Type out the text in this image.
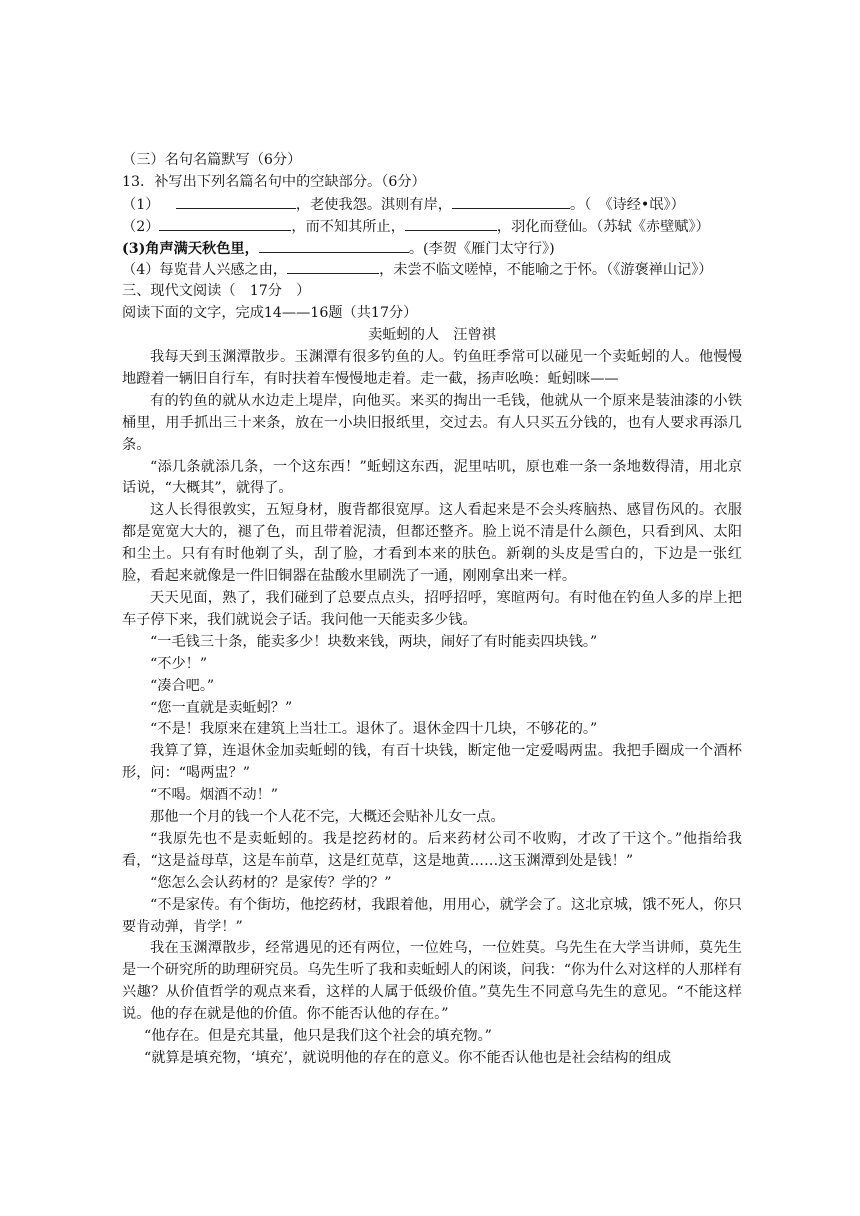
（三）名句名篇默写（6分）
13．补写出下列名篇名句中的空缺部分。（6分）
（1）	，老使我怨。淇则有岸，	。（　《诗经•氓》）
（2）	，而不知其所止，	，羽化而登仙。（苏轼《赤壁赋》）
(3)角声满天秋色里，	。(李贺《雁门太守行》)
（4）每览昔人兴感之由，	，未尝不临文嗟悼，不能喻之于怀。（《游褒禅山记》）
三、现代文阅读（　17分　）
阅读下面的文字，完成14——16题（共17分）
卖蚯蚓的人　汪曾祺

我每天到玉渊潭散步。玉渊潭有很多钓鱼的人。钓鱼旺季常可以碰见一个卖蚯蚓的人。他慢慢地蹬着一辆旧自行车，有时扶着车慢慢地走着。走一截，扬声吆唤：蚯蚓咪——

有的钓鱼的就从水边走上堤岸，向他买。来买的掏出一毛钱，他就从一个原来是装油漆的小铁桶里，用手抓出三十来条，放在一小块旧报纸里，交过去。有人只买五分钱的，也有人要求再添几条。

“添几条就添几条，一个这东西！”蚯蚓这东西，泥里咕叽，原也难一条一条地数得清，用北京话说，“大概其”，就得了。

这人长得很敦实，五短身材，腹背都很宽厚。这人看起来是不会头疼脑热、感冒伤风的。衣服都是宽宽大大的，褪了色，而且带着泥渍，但都还整齐。脸上说不清是什么颜色，只看到风、太阳和尘土。只有有时他剃了头，刮了脸，才看到本来的肤色。新剃的头皮是雪白的，下边是一张红脸，看起来就像是一件旧铜器在盐酸水里刷洗了一通，刚刚拿出来一样。

天天见面，熟了，我们碰到了总要点点头，招呼招呼，寒暄两句。有时他在钓鱼人多的岸上把车子停下来，我们就说会子话。我问他一天能卖多少钱。

“一毛钱三十条，能卖多少！块数来钱，两块，闹好了有时能卖四块钱。”

“不少！”

“凑合吧。”

“您一直就是卖蚯蚓？”

“不是！我原来在建筑上当壮工。退休了。退休金四十几块，不够花的。”

我算了算，连退休金加卖蚯蚓的钱，有百十块钱，断定他一定爱喝两盅。我把手圈成一个酒杯形，问：“喝两盅？”

“不喝。烟酒不动！”

那他一个月的钱一个人花不完，大概还会贴补儿女一点。

“我原先也不是卖蚯蚓的。我是挖药材的。后来药材公司不收购，才改了干这个。”他指给我看，“这是益母草，这是车前草，这是红苋草，这是地黄……这玉渊潭到处是钱！”

“您怎么会认药材的？是家传？学的？”

“不是家传。有个街坊，他挖药材，我跟着他，用用心，就学会了。这北京城，饿不死人，你只要肯动弹，肯学！”

我在玉渊潭散步，经常遇见的还有两位，一位姓乌，一位姓莫。乌先生在大学当讲师，莫先生是一个研究所的助理研究员。乌先生听了我和卖蚯蚓人的闲谈，问我：“你为什么对这样的人那样有兴趣？从价值哲学的观点来看，这样的人属于低级价值。”莫先生不同意乌先生的意见。“不能这样说。他的存在就是他的价值。你不能否认他的存在。”

“他存在。但是充其量，他只是我们这个社会的填充物。”

“就算是填充物，‘填充’，就说明他的存在的意义。你不能否认他也是社会结构的组成
